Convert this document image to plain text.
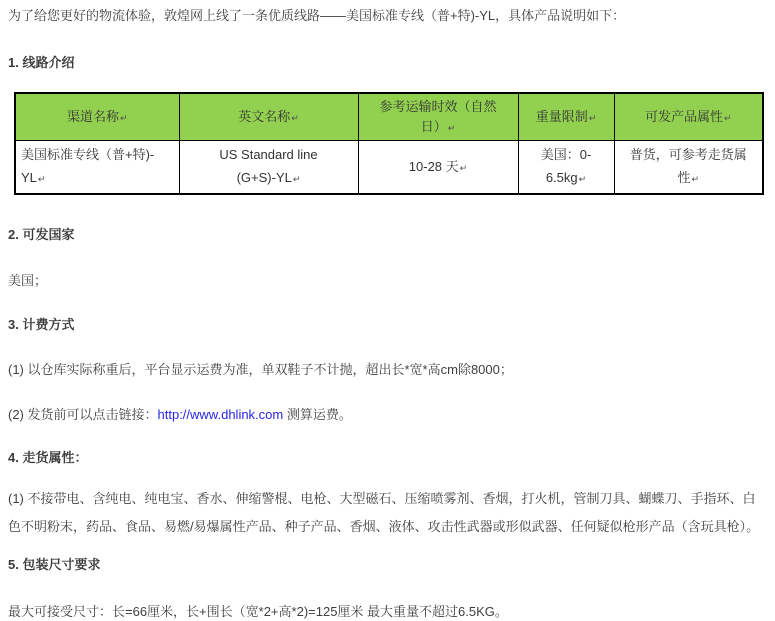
为了给您更好的物流体验，敦煌网上线了一条优质线路——美国标准专线（普+特)-YL，具体产品说明如下：

1. 线路介绍
渠道名称↵	英文名称↵	参考运输时效（自然
日）↵	重量限制↵	可发产品属性↵

美国标准专线（普+特)-
YL↵	US Standard line
(G+S)-YL↵	10-28 天↵	美国：0-
6.5kg↵	普货，可参考走货属
性↵
2. 可发国家

美国；

3. 计费方式

(1) 以仓库实际称重后，平台显示运费为准，单双鞋子不计抛，超出长*宽*高cm除8000；

(2) 发货前可以点击链接：http://www.dhlink.com 测算运费。

4. 走货属性：

(1) 不接带电、含纯电、纯电宝、香水、伸缩警棍、电枪、大型磁石、压缩喷雾剂、香烟，打火机，管制刀具、蝴蝶刀、手指环、白色不明粉末，药品、食品、易燃/易爆属性产品、种子产品、香烟、液体、攻击性武器或形似武器、任何疑似枪形产品（含玩具枪）。

5. 包装尺寸要求

最大可接受尺寸：长=66厘米，长+围长（宽*2+高*2)=125厘米 最大重量不超过6.5KG。
